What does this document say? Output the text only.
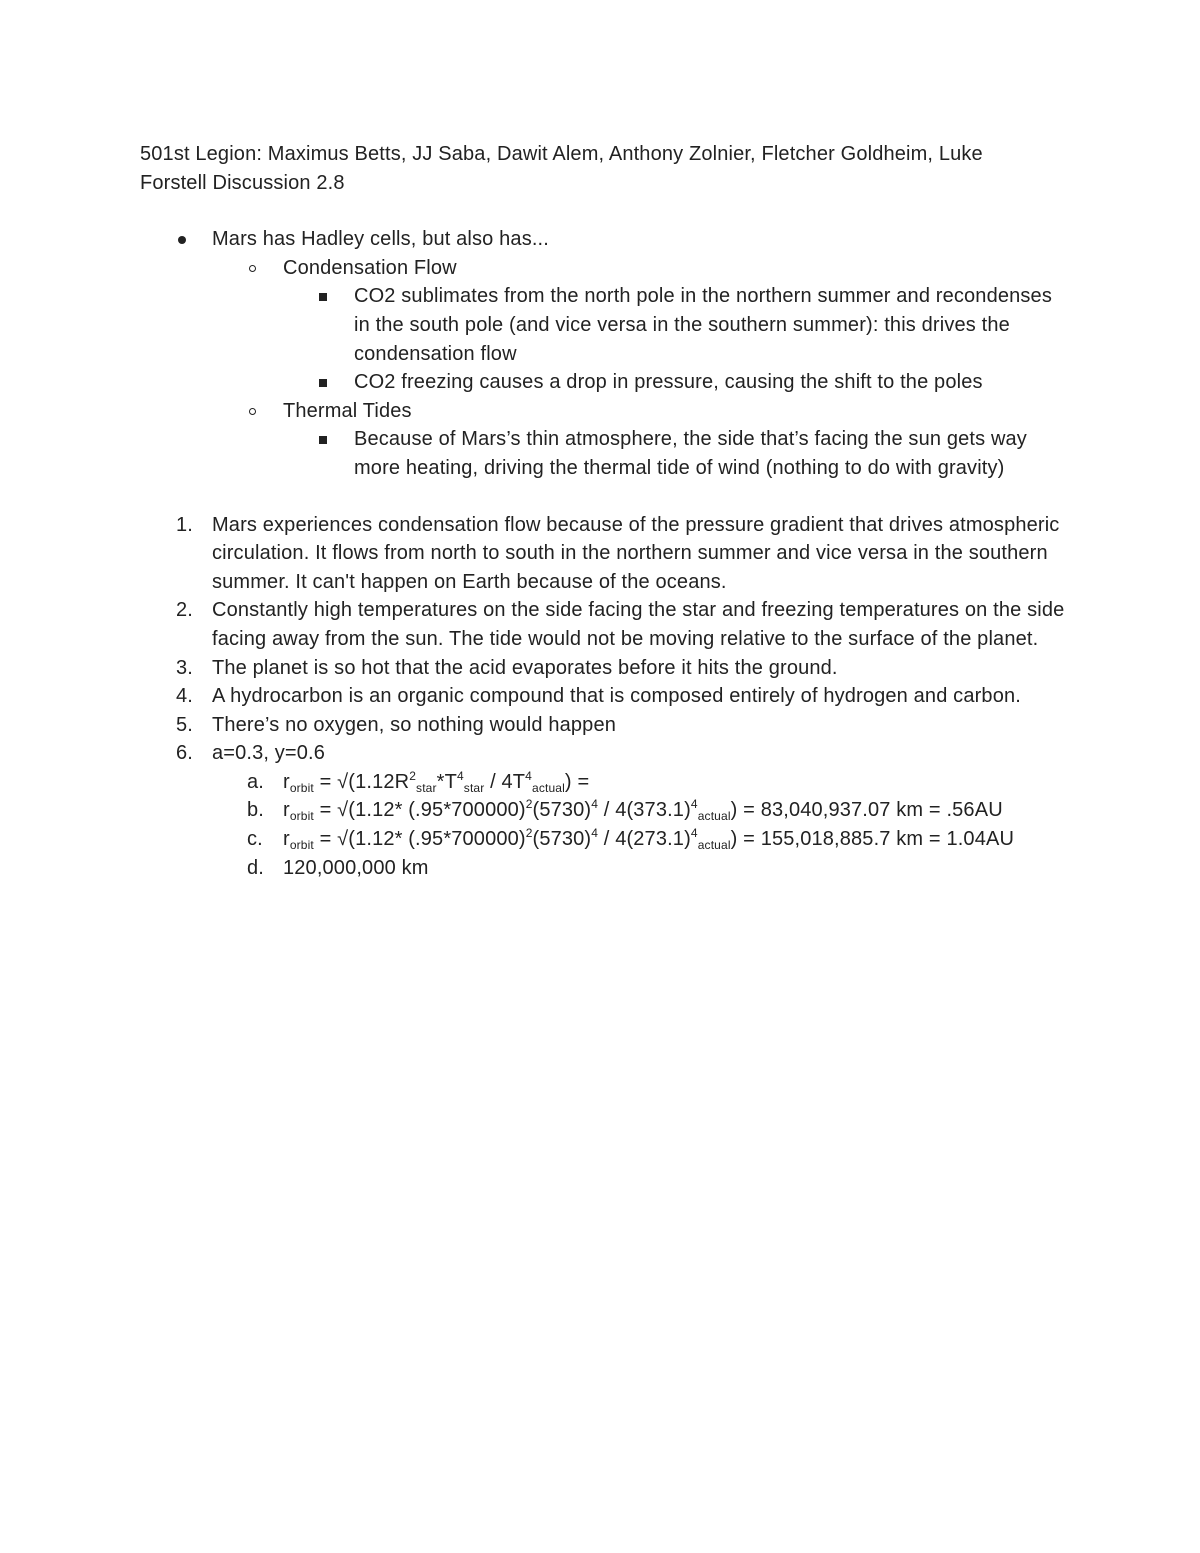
501st Legion: Maximus Betts, JJ Saba, Dawit Alem, Anthony Zolnier, Fletcher Goldheim, Luke
Forstell Discussion 2.8
Mars has Hadley cells, but also has...
Condensation Flow
CO2 sublimates from the north pole in the northern summer and recondenses in the south pole (and vice versa in the southern summer): this drives the condensation flow
CO2 freezing causes a drop in pressure, causing the shift to the poles
Thermal Tides
Because of Mars’s thin atmosphere, the side that’s facing the sun gets way more heating, driving the thermal tide of wind (nothing to do with gravity)
1. Mars experiences condensation flow because of the pressure gradient that drives atmospheric circulation. It flows from north to south in the northern summer and vice versa in the southern summer. It can't happen on Earth because of the oceans.
2. Constantly high temperatures on the side facing the star and freezing temperatures on the side facing away from the sun. The tide would not be moving relative to the surface of the planet.
3. The planet is so hot that the acid evaporates before it hits the ground.
4. A hydrocarbon is an organic compound that is composed entirely of hydrogen and carbon.
5. There’s no oxygen, so nothing would happen
6. a=0.3, y=0.6
a. $r_{orbit} = √(1.12R^2_{star}*T^4_{star} / 4T^4_{actual})$ =
b. $r_{orbit} = √(1.12*$ $(.95*700000)^2(5730)^4 / 4(373.1)^4_{actual}) = 83,040,937.07$ km = .56AU
c.	$r_{orbit} = √(1.12*$ $(.95*700000)^2(5730)^4 / 4(273.1)^4_{actual}) = 155,018,885.7$ km = 1.04AU
d. 120,000,000 km
